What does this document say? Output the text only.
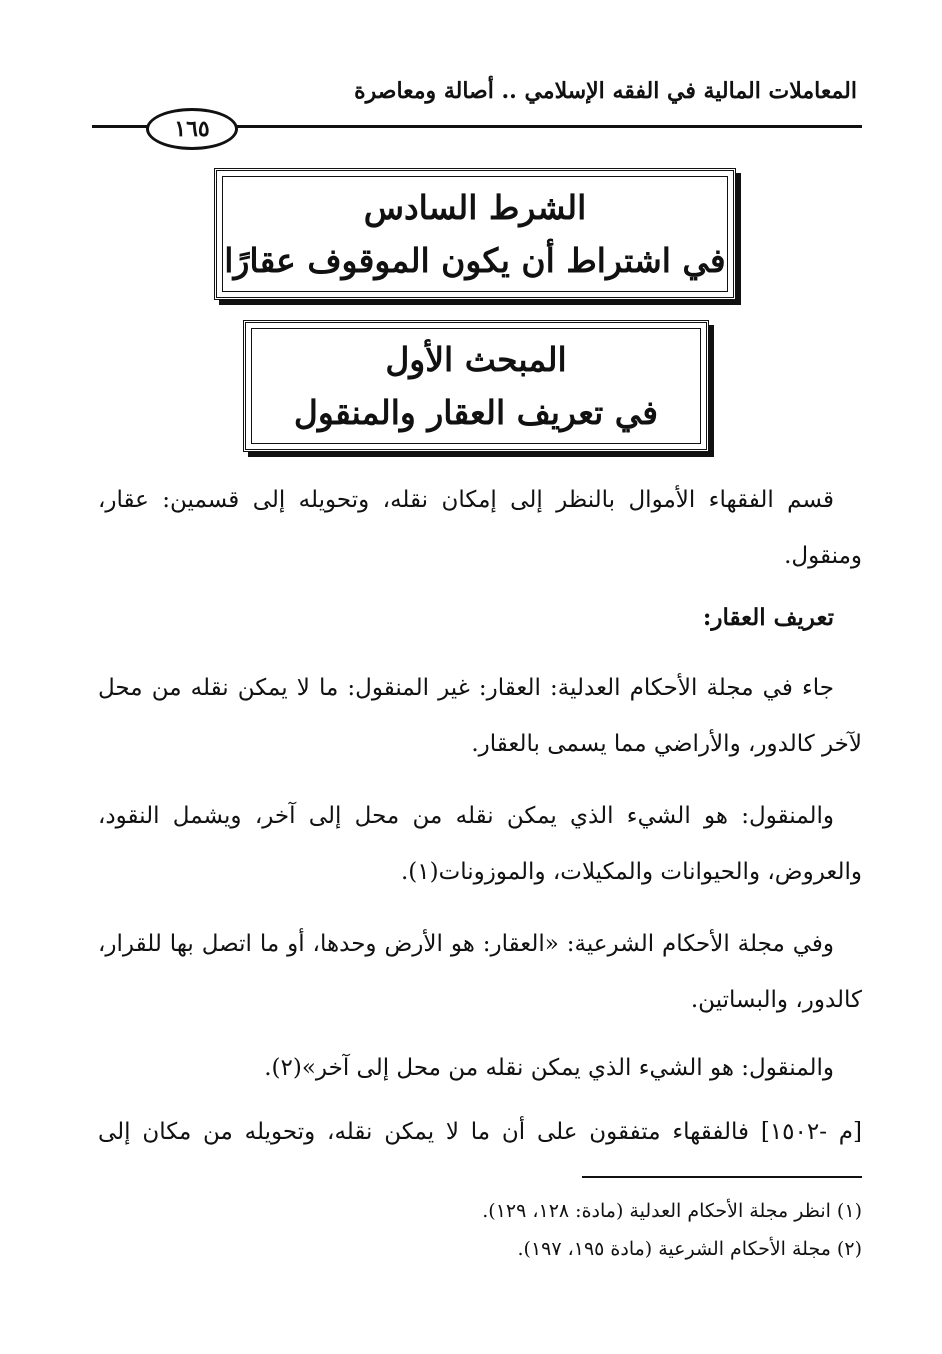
المعاملات المالية في الفقه الإسلامي .. أصالة ومعاصرة
١٦٥
الشرط السادس
في اشتراط أن يكون الموقوف عقارًا
المبحث الأول
في تعريف العقار والمنقول

قسم الفقهاء الأموال بالنظر إلى إمكان نقله، وتحويله إلى قسمين: عقار، ومنقول.

تعريف العقار:

جاء في مجلة الأحكام العدلية: العقار: غير المنقول: ما لا يمكن نقله من محل لآخر كالدور، والأراضي مما يسمى بالعقار.

والمنقول: هو الشيء الذي يمكن نقله من محل إلى آخر، ويشمل النقود، والعروض، والحيوانات والمكيلات، والموزونات(١).

وفي مجلة الأحكام الشرعية: «العقار: هو الأرض وحدها، أو ما اتصل بها للقرار، كالدور، والبساتين.

والمنقول: هو الشيء الذي يمكن نقله من محل إلى آخر»(٢).

[م -١٥٠٢] فالفقهاء متفقون على أن ما لا يمكن نقله، وتحويله من مكان إلى

(١) انظر مجلة الأحكام العدلية (مادة: ١٢٨، ١٢٩).
(٢) مجلة الأحكام الشرعية (مادة ١٩٥، ١٩٧).
